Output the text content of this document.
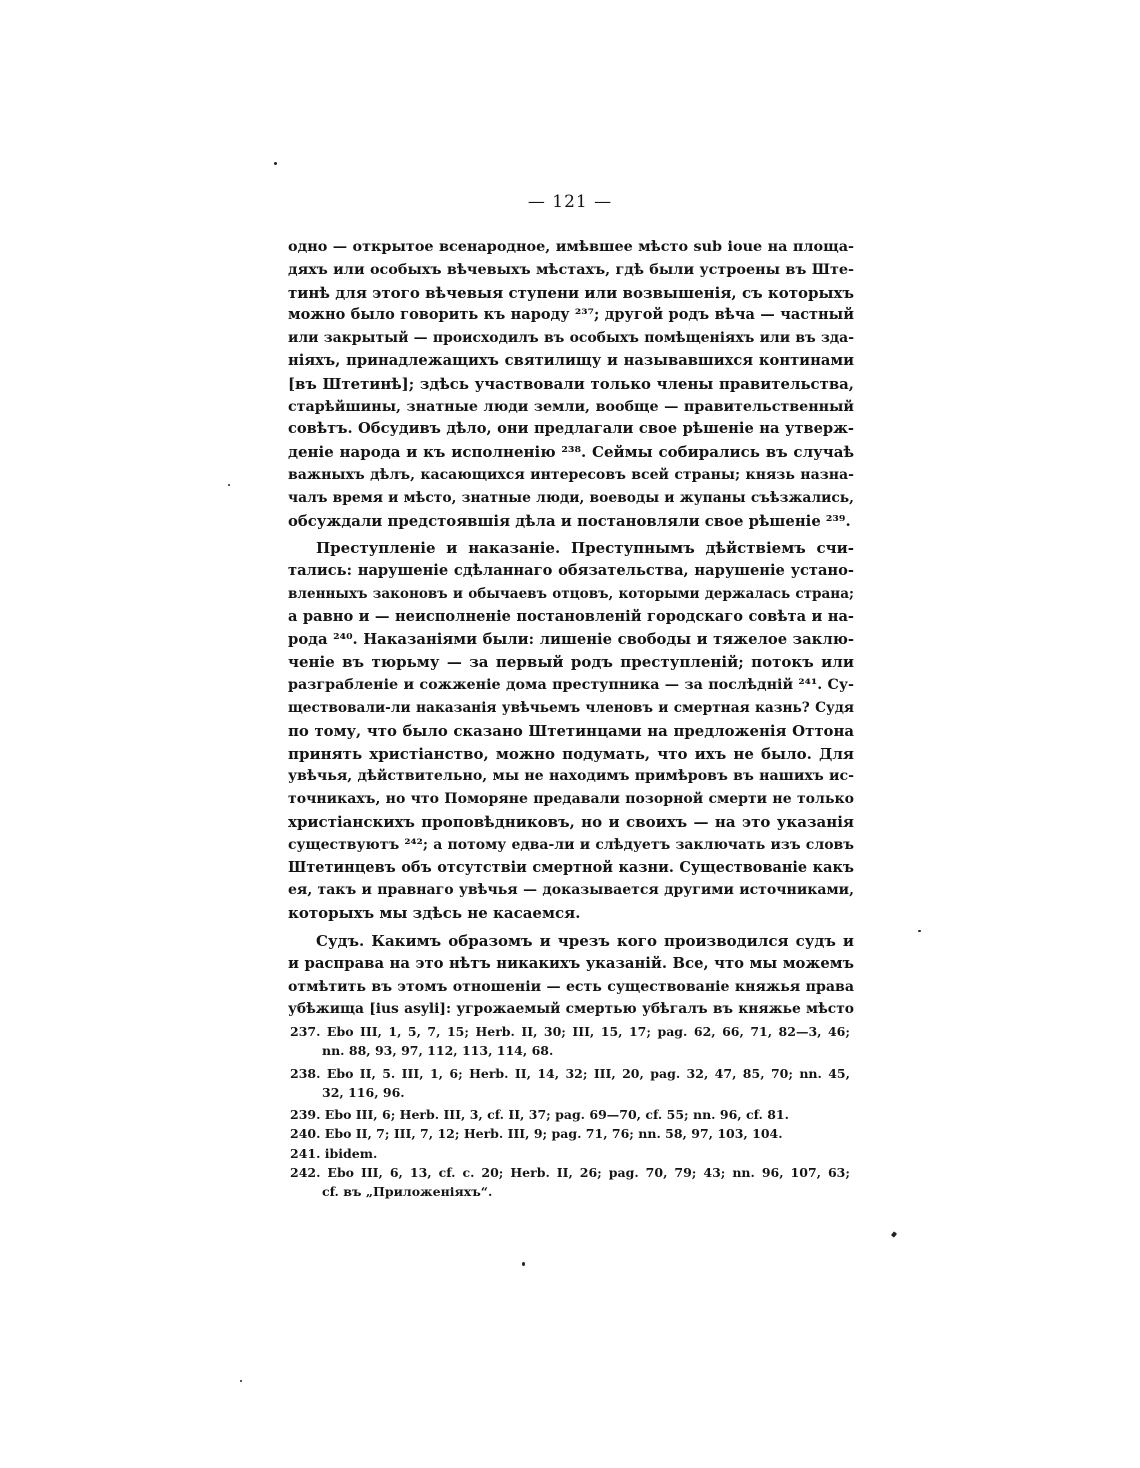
— 121 —
одно — открытое всенародное, имѣвшее мѣсто sub ioue на площа-
дяхъ или особыхъ вѣчевыхъ мѣстахъ, гдѣ были устроены въ Ште-
тинѣ для этого вѣчевыя ступени или возвышенія, съ которыхъ
можно было говорить къ народу ²³⁷; другой родъ вѣча — частный
или закрытый — происходилъ въ особыхъ помѣщеніяхъ или въ зда-
ніяхъ, принадлежащихъ святилищу и называвшихся континами
[въ Штетинѣ]; здѣсь участвовали только члены правительства,
старѣйшины, знатные люди земли, вообще — правительственный
совѣтъ. Обсудивъ дѣло, они предлагали свое рѣшеніе на утверж-
деніе народа и къ исполненію ²³⁸. Сеймы собирались въ случаѣ
важныхъ дѣлъ, касающихся интересовъ всей страны; князь назна-
чалъ время и мѣсто, знатные люди, воеводы и жупаны съѣзжались,
обсуждали предстоявшія дѣла и постановляли свое рѣшеніе ²³⁹.
Преступленіе и наказаніе. Преступнымъ дѣйствіемъ счи-
тались: нарушеніе сдѣланнаго обязательства, нарушеніе устано-
вленныхъ законовъ и обычаевъ отцовъ, которыми держалась страна;
а равно и — неисполненіе постановленій городскаго совѣта и на-
рода ²⁴⁰. Наказаніями были: лишеніе свободы и тяжелое заклю-
ченіе въ тюрьму — за первый родъ преступленій; потокъ или
разграбленіе и сожженіе дома преступника — за послѣдній ²⁴¹. Су-
ществовали-ли наказанія увѣчьемъ членовъ и смертная казнь? Судя
по тому, что было сказано Штетинцами на предложенія Оттона
принять христіанство, можно подумать, что ихъ не было. Для
увѣчья, дѣйствительно, мы не находимъ примѣровъ въ нашихъ ис-
точникахъ, но что Поморяне предавали позорной смерти не только
христіанскихъ проповѣдниковъ, но и своихъ — на это указанія
существуютъ ²⁴²; а потому едва-ли и слѣдуетъ заключать изъ словъ
Штетинцевъ объ отсутствіи смертной казни. Существованіе какъ
ея, такъ и правнаго увѣчья — доказывается другими источниками,
которыхъ мы здѣсь не касаемся.
Судъ. Какимъ образомъ и чрезъ кого производился судъ и
и расправа на это нѣтъ никакихъ указаній. Все, что мы можемъ
отмѣтить въ этомъ отношеніи — есть существованіе княжья права
убѣжища [ius asyli]: угрожаемый смертью убѣгалъ въ княжье мѣсто
237. Ebo III, 1, 5, 7, 15; Herb. II, 30; III, 15, 17; pag. 62, 66, 71, 82—3, 46;
nn. 88, 93, 97, 112, 113, 114, 68.
238. Ebo II, 5. III, 1, 6; Herb. II, 14, 32; III, 20, pag. 32, 47, 85, 70; nn. 45,
32, 116, 96.
239. Ebo III, 6; Herb. III, 3, cf. II, 37; pag. 69—70, cf. 55; nn. 96, cf. 81.
240. Ebo II, 7; III, 7, 12; Herb. III, 9; pag. 71, 76; nn. 58, 97, 103, 104.
241. ibidem.
242. Ebo III, 6, 13, cf. c. 20; Herb. II, 26; pag. 70, 79; 43; nn. 96, 107, 63;
cf. въ „Приложеніяхъ“.
